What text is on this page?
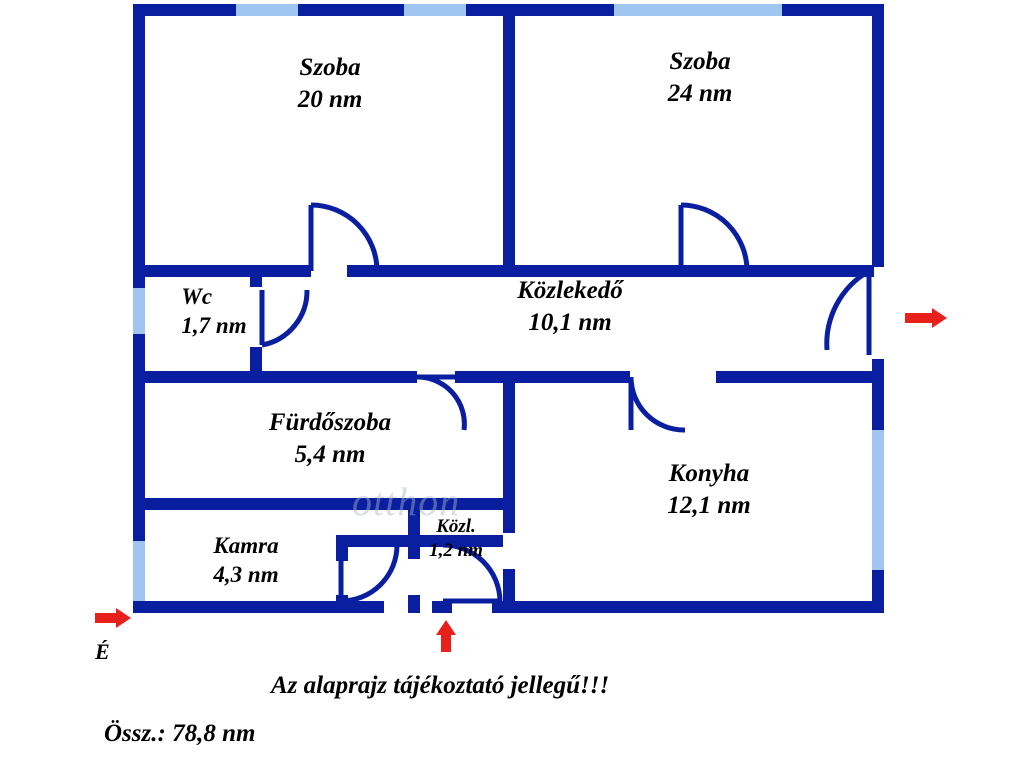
Szoba
20 nm
Szoba
24 nm
Wc
1,7 nm
Közlekedő
10,1 nm
Fürdőszoba
5,4 nm
Konyha
12,1 nm
Kamra
4,3 nm
Közl.
1,2 nm
otthon
É
Az alaprajz tájékoztató jellegű!!!
Össz.: 78,8 nm
